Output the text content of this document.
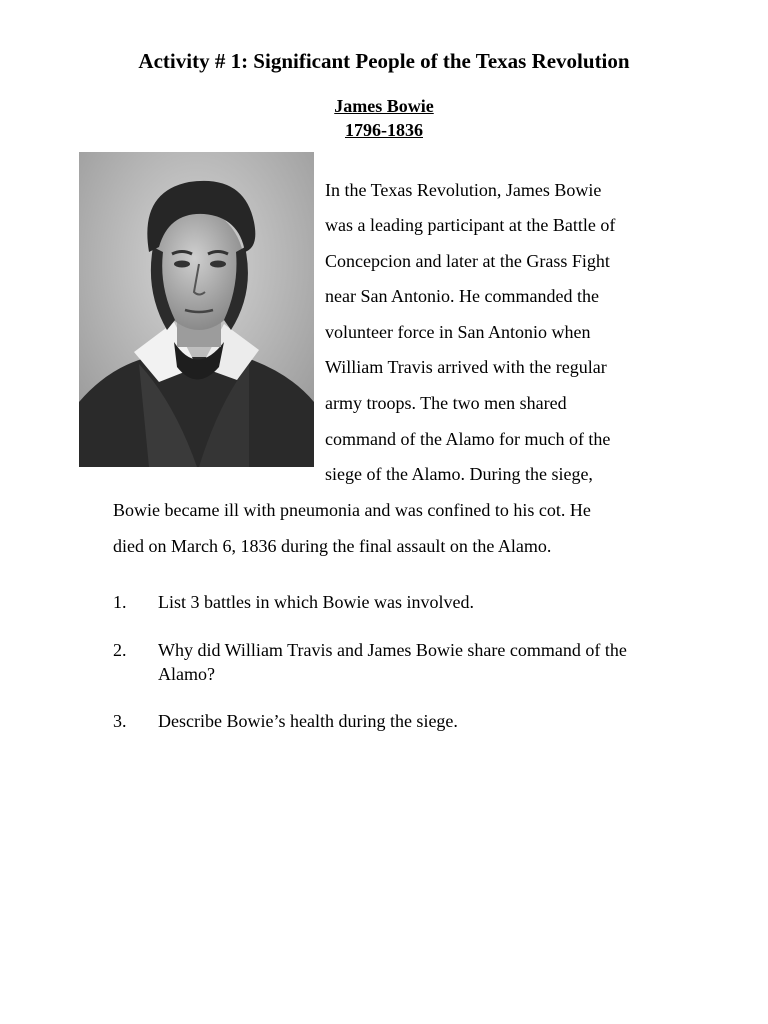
Activity # 1: Significant People of the Texas Revolution
James Bowie
1796-1836
In the Texas Revolution, James Bowie
was a leading participant at the Battle of
Concepcion and later at the Grass Fight
near San Antonio. He commanded the
volunteer force in San Antonio when
William Travis arrived with the regular
army troops. The two men shared
command of the Alamo for much of the
siege of the Alamo. During the siege,
Bowie became ill with pneumonia and was confined to his cot. He
died on March 6, 1836 during the final assault on the Alamo.
1. List 3 battles in which Bowie was involved.
2. Why did William Travis and James Bowie share command of the Alamo?
3. Describe Bowie’s health during the siege.
